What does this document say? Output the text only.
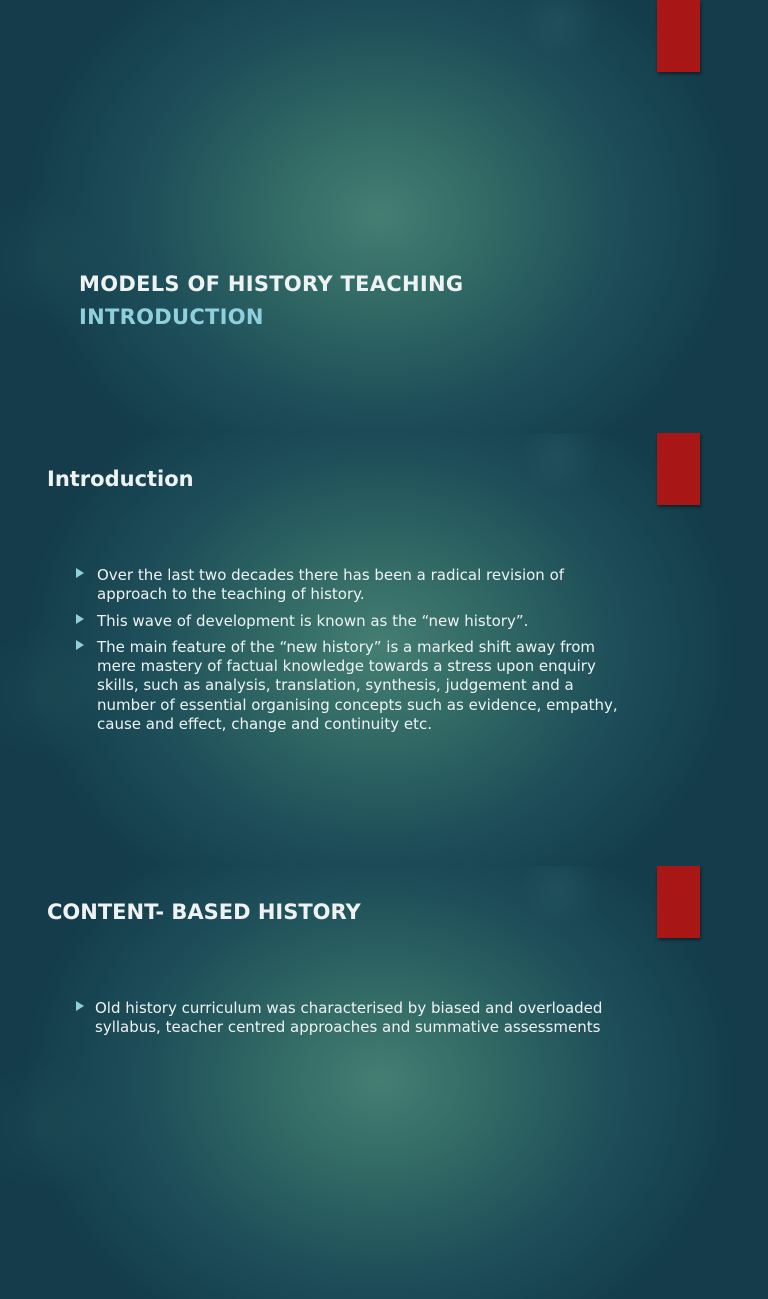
MODELS OF HISTORY TEACHING
INTRODUCTION
Introduction
Over the last two decades there has been a radical revision of approach to the teaching of history.
This wave of development is known as the “new history”.
The main feature of the “new history” is a marked shift away from mere mastery of factual knowledge towards a stress upon enquiry skills, such as analysis, translation, synthesis, judgement and a number of essential organising concepts such as evidence, empathy, cause and effect, change and continuity etc.
CONTENT- BASED HISTORY
Old history curriculum was characterised by biased and overloaded syllabus, teacher centred approaches and summative assessments
